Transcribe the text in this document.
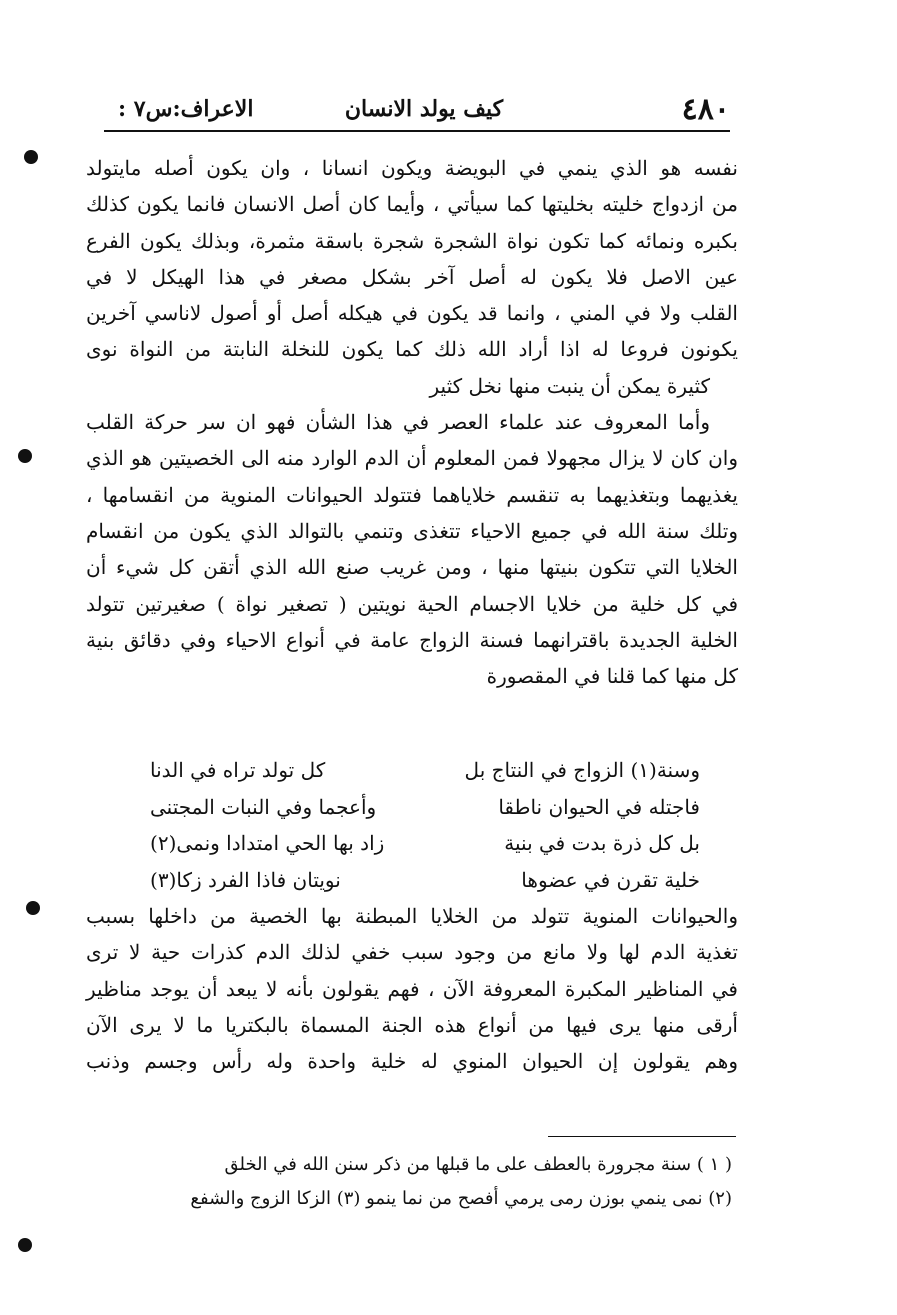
٤٨٠
كيف يولد الانسان
الاعراف:س٧ :

نفسه هو الذي ينمي في البويضة ويكون انسانا ، وان يكون أصله مايتولد

من ازدواج خليته بخليتها كما سيأتي ، وأيما كان أصل الانسان فانما يكون كذلك

بكبره ونمائه كما تكون نواة الشجرة شجرة باسقة مثمرة، وبذلك يكون الفرع

عين الاصل فلا يكون له أصل آخر بشكل مصغر في هذا الهيكل لا في

القلب ولا في المني ، وانما قد يكون في هيكله أصل أو أصول لاناسي آخرين

يكونون فروعا له اذا أراد الله ذلك كما يكون للنخلة النابتة من النواة نوى

كثيرة يمكن أن ينبت منها نخل كثير

وأما المعروف عند علماء العصر في هذا الشأن فهو ان سر حركة القلب

وان كان لا يزال مجهولا فمن المعلوم أن الدم الوارد منه الى الخصيتين هو الذي

يغذيهما وبتغذيهما به تنقسم خلاياهما فتتولد الحيوانات المنوية من انقسامها ،

وتلك سنة الله في جميع الاحياء تتغذى وتنمي بالتوالد الذي يكون من انقسام

الخلايا التي تتكون بنيتها منها ، ومن غريب صنع الله الذي أتقن كل شيء أن

في كل خلية من خلايا الاجسام الحية نويتين ( تصغير نواة ) صغيرتين تتولد

الخلية الجديدة باقترانهما فسنة الزواج عامة في أنواع الاحياء وفي دقائق بنية

كل منها كما قلنا في المقصورة

وسنة(١) الزواج في النتاج بل
كل تولد تراه في الدنا
فاجتله في الحيوان ناطقا
وأعجما وفي النبات المجتنى
بل كل ذرة بدت في بنية
زاد بها الحي امتدادا ونمى(٢)
خلية تقرن في عضوها
نويتان فاذا الفرد زكا(٣)

والحيوانات المنوية تتولد من الخلايا المبطنة بها الخصية من داخلها بسبب

تغذية الدم لها ولا مانع من وجود سبب خفي لذلك الدم كذرات حية لا ترى

في المناظير المكبرة المعروفة الآن ، فهم يقولون بأنه لا يبعد أن يوجد مناظير

أرقى منها يرى فيها من أنواع هذه الجنة المسماة بالبكتريا ما لا يرى الآن

وهم يقولون إن الحيوان المنوي له خلية واحدة وله رأس وجسم وذنب

( ١ ) سنة مجرورة بالعطف على ما قبلها من ذكر سنن الله في الخلق

(٢) نمى ينمي بوزن رمى يرمي أفصح من نما ينمو (٣) الزكا الزوج والشفع
